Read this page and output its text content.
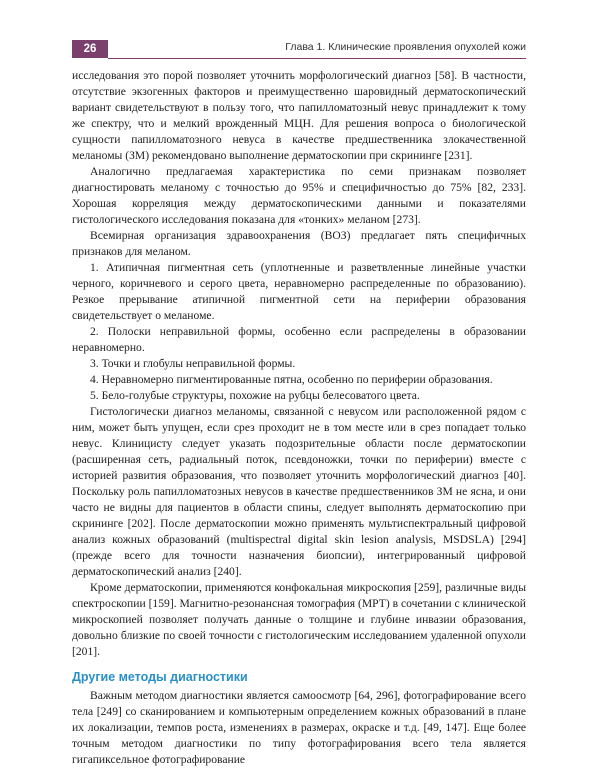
26	Глава 1. Клинические проявления опухолей кожи

исследования это порой позволяет уточнить морфологический диагноз [58]. В частности, отсутствие экзогенных факторов и преимущественно шаровидный дерматоскопический вариант свидетельствуют в пользу того, что папилломатозный невус принадлежит к тому же спектру, что и мелкий врожденный МЦН. Для решения вопроса о биологической сущности папилломатозного невуса в качестве предшественника злокачественной меланомы (ЗМ) рекомендовано выполнение дерматоскопии при скрининге [231].

Аналогично предлагаемая характеристика по семи признакам позволяет диагностировать меланому с точностью до 95% и специфичностью до 75% [82, 233]. Хорошая корреляция между дерматоскопическими данными и показателями гистологического исследования показана для «тонких» меланом [273].

Всемирная организация здравоохранения (ВОЗ) предлагает пять специфичных признаков для меланом.

1. Атипичная пигментная сеть (уплотненные и разветвленные линейные участки черного, коричневого и серого цвета, неравномерно распределенные по образованию). Резкое прерывание атипичной пигментной сети на периферии образования свидетельствует о меланоме.

2. Полоски неправильной формы, особенно если распределены в образовании неравномерно.

3. Точки и глобулы неправильной формы.

4. Неравномерно пигментированные пятна, особенно по периферии образования.

5. Бело-голубые структуры, похожие на рубцы белесоватого цвета.

Гистологически диагноз меланомы, связанной с невусом или расположенной рядом с ним, может быть упущен, если срез проходит не в том месте или в срез попадает только невус. Клиницисту следует указать подозрительные области после дерматоскопии (расширенная сеть, радиальный поток, псевдоножки, точки по периферии) вместе с историей развития образования, что позволяет уточнить морфологический диагноз [40]. Поскольку роль папилломатозных невусов в качестве предшественников ЗМ не ясна, и они часто не видны для пациентов в области спины, следует выполнять дерматоскопию при скрининге [202]. После дерматоскопии можно применять мультиспектральный цифровой анализ кожных образований (multispectral digital skin lesion analysis, MSDSLA) [294] (прежде всего для точности назначения биопсии), интегрированный цифровой дерматоскопический анализ [240].

Кроме дерматоскопии, применяются конфокальная микроскопия [259], различные виды спектроскопии [159]. Магнитно-резонансная томография (МРТ) в сочетании с клинической микроскопией позволяет получать данные о толщине и глубине инвазии образования, довольно близкие по своей точности с гистологическим исследованием удаленной опухоли [201].

Другие методы диагностики

Важным методом диагностики является самоосмотр [64, 296], фотографирование всего тела [249] со сканированием и компьютерным определением кожных образований в плане их локализации, темпов роста, изменениях в размерах, окраске и т.д. [49, 147]. Еще более точным методом диагностики по типу фотографирования всего тела является гигапиксельное фотографирование
